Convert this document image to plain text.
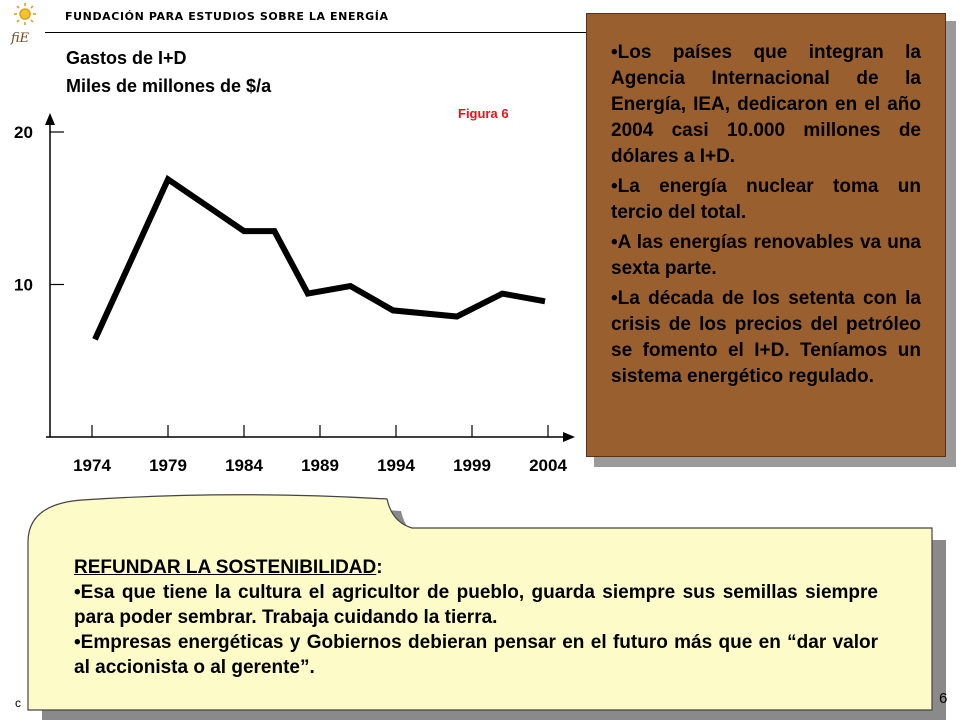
fiE
FUNDACIÓN PARA ESTUDIOS SOBRE LA ENERGÍA
Gastos de I+D
Miles de millones de $/a
Figura 6
10
20
1974 1979 1984 1989 1994 1999 2004
• Los países que integran la Agencia Internacional de la Energía, IEA, dedicaron en el año 2004 casi 10.000 millones de dólares a I+D.
• La energía nuclear toma un tercio del total.
• A las energías renovables va una sexta parte.
• La década de los setenta con la crisis de los precios del petróleo se fomento el I+D. Teníamos un sistema energético regulado.
REFUNDAR LA SOSTENIBILIDAD:

• Esa que tiene la cultura el agricultor de pueblo, guarda siempre sus semillas siempre para poder sembrar. Trabaja cuidando la tierra.

• Empresas energéticas y Gobiernos debieran pensar en el futuro más que en “dar valor al accionista o al gerente”.

c	6
